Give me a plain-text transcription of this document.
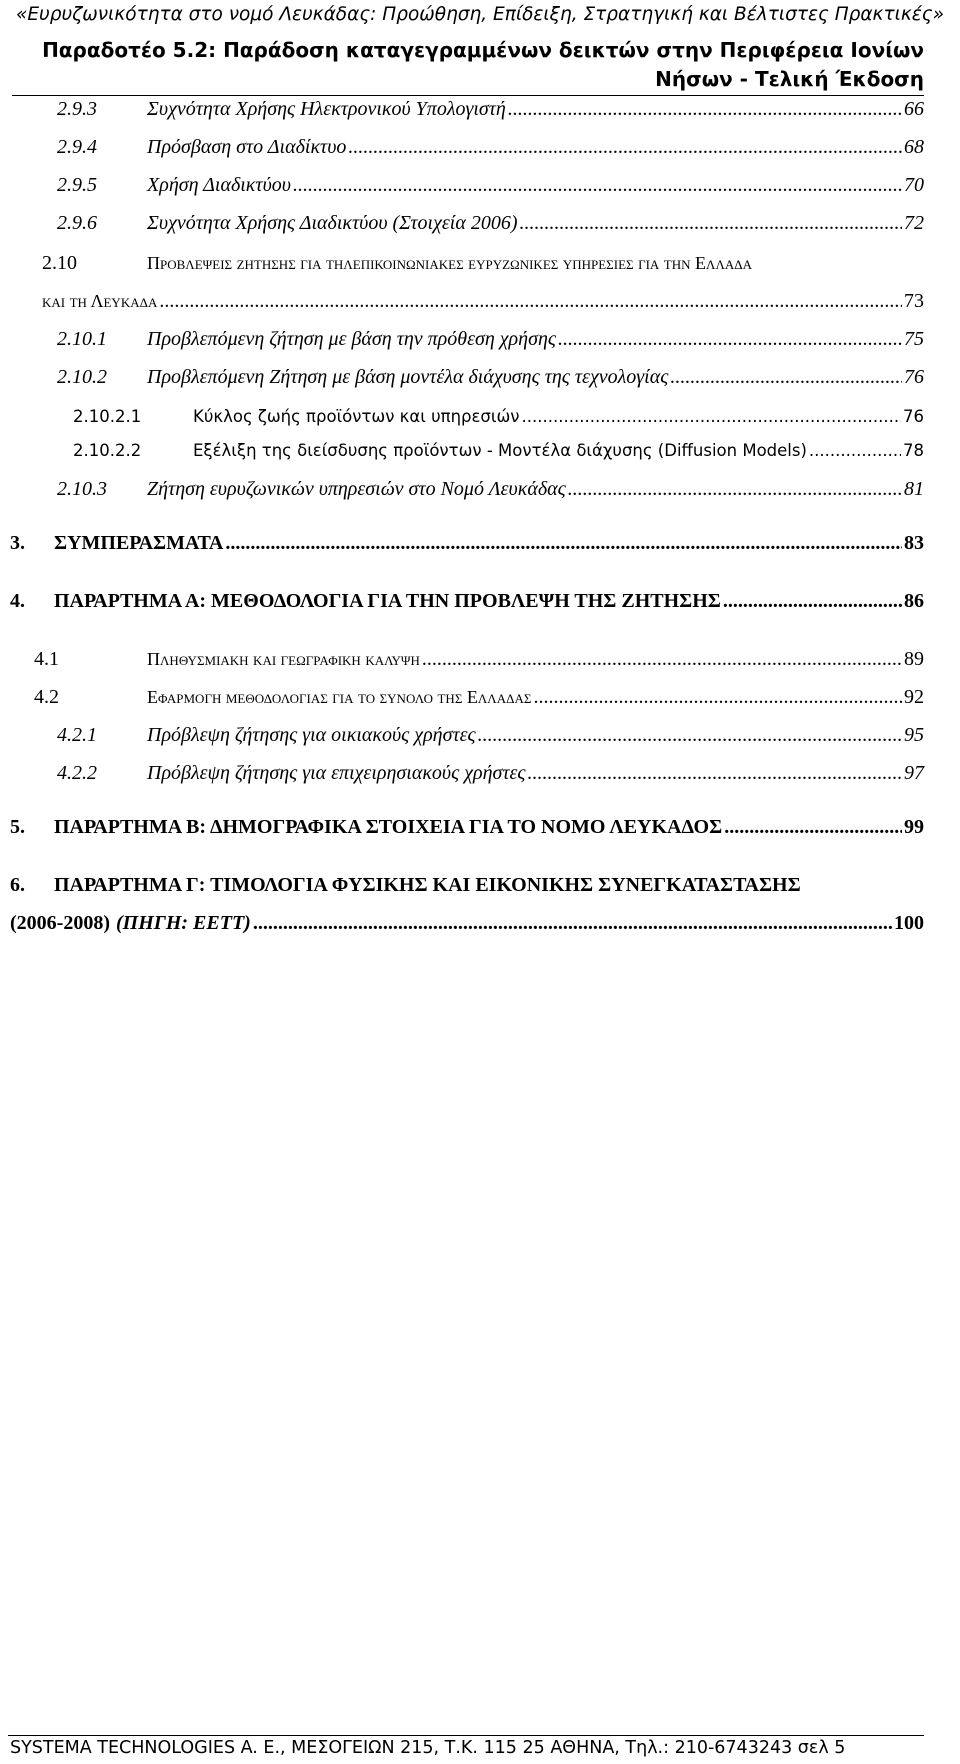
«Ευρυζωνικότητα στο νομό Λευκάδας: Προώθηση, Επίδειξη, Στρατηγική και Βέλτιστες Πρακτικές»
Παραδοτέο 5.2: Παράδοση καταγεγραμμένων δεικτών στην Περιφέρεια Ιονίων
Νήσων - Τελική Έκδοση
2.9.3	Συχνότητα Χρήσης Ηλεκτρονικού Υπολογιστή .....	66
2.9.4	Πρόσβαση στο Διαδίκτυο .....	68
2.9.5	Χρήση Διαδικτύου .....	70
2.9.6	Συχνότητα Χρήσης Διαδικτύου (Στοιχεία 2006) .....	72
2.10	Προβλεψεισ ζητησησ για τηλεπικοινωνιακεσ ευρυζωνικεσ υπηρεσιεσ για την Ελλαδα
και τη Λευκαδα .....	73
2.10.1	Προβλεπόμενη ζήτηση με βάση την πρόθεση χρήσης .....	75
2.10.2	Προβλεπόμενη Ζήτηση με βάση μοντέλα διάχυσης της τεχνολογίας .....	76
2.10.2.1	Κύκλος ζωής προϊόντων και υπηρεσιών .....	76
2.10.2.2	Εξέλιξη της διείσδυσης προϊόντων - Μοντέλα διάχυσης (Diffusion Models) .....	78
2.10.3	Ζήτηση ευρυζωνικών υπηρεσιών στο Νομό Λευκάδας .....	81
3.	ΣΥΜΠΕΡΑΣΜΑΤΑ .....	83
4.	ΠΑΡΑΡΤΗΜΑ Α: ΜΕΘΟΔΟΛΟΓΙΑ ΓΙΑ ΤΗΝ ΠΡΟΒΛΕΨΗ ΤΗΣ ΖΗΤΗΣΗΣ .....	86
4.1	Πληθυσμιακη και γεωγραφικη καλυψη .....	89
4.2	Εφαρμογη μεθοδολογιασ για το συνολο τησ Ελλαδασ .....	92
4.2.1	Πρόβλεψη ζήτησης για οικιακούς χρήστες .....	95
4.2.2	Πρόβλεψη ζήτησης για επιχειρησιακούς χρήστες .....	97
5.	ΠΑΡΑΡΤΗΜΑ Β: ΔΗΜΟΓΡΑΦΙΚΑ ΣΤΟΙΧΕΙΑ ΓΙΑ ΤΟ ΝΟΜΟ ΛΕΥΚΑΔΟΣ .....	99
6.	ΠΑΡΑΡΤΗΜΑ Γ: ΤΙΜΟΛΟΓΙΑ ΦΥΣΙΚΗΣ ΚΑΙ ΕΙΚΟΝΙΚΗΣ ΣΥΝΕΓΚΑΤΑΣΤΑΣΗΣ
(2006-2008) (ΠΗΓΗ: ΕΕΤΤ) .....	100
SYSTEMA TECHNOLOGIES A. E., ΜΕΣΟΓΕΙΩΝ 215, Τ.Κ. 115 25 ΑΘΗΝΑ, Τηλ.: 210-6743243 σελ 5
